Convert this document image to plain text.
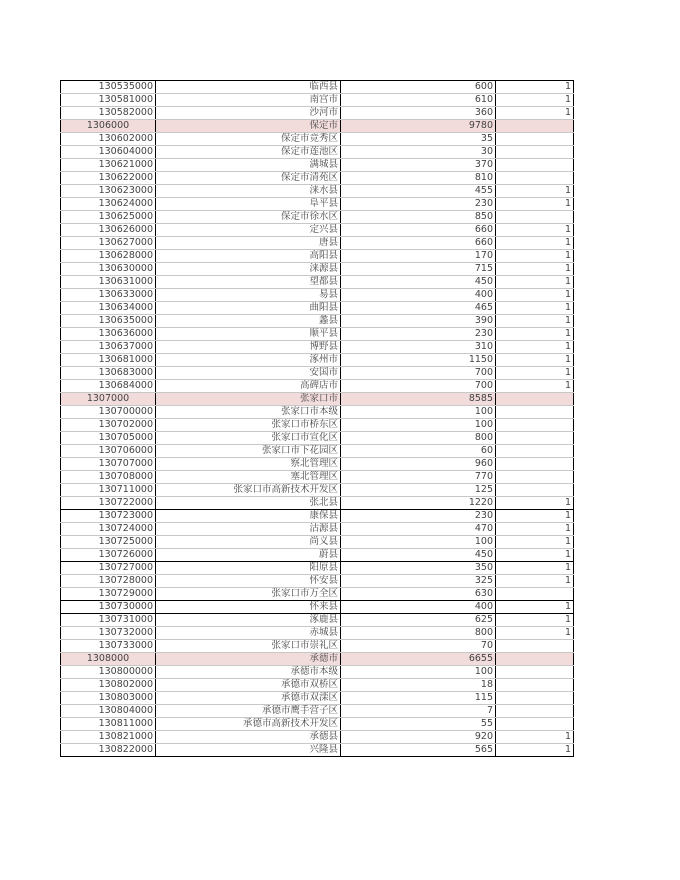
130535000	临西县	600	1
130581000	南宫市	610	1
130582000	沙河市	360	1
1306000	保定市	9780	
130602000	保定市竞秀区	35	
130604000	保定市莲池区	30	
130621000	满城县	370	
130622000	保定市清苑区	810	
130623000	涞水县	455	1
130624000	阜平县	230	1
130625000	保定市徐水区	850	
130626000	定兴县	660	1
130627000	唐县	660	1
130628000	高阳县	170	1
130630000	涞源县	715	1
130631000	望都县	450	1
130633000	易县	400	1
130634000	曲阳县	465	1
130635000	蠡县	390	1
130636000	顺平县	230	1
130637000	博野县	310	1
130681000	涿州市	1150	1
130683000	安国市	700	1
130684000	高碑店市	700	1
1307000	张家口市	8585	
130700000	张家口市本级	100	
130702000	张家口市桥东区	100	
130705000	张家口市宣化区	800	
130706000	张家口市下花园区	60	
130707000	察北管理区	960	
130708000	塞北管理区	770	
130711000	张家口市高新技术开发区	125	
130722000	张北县	1220	1
130723000	康保县	230	1
130724000	沽源县	470	1
130725000	尚义县	100	1
130726000	蔚县	450	1
130727000	阳原县	350	1
130728000	怀安县	325	1
130729000	张家口市万全区	630	
130730000	怀来县	400	1
130731000	涿鹿县	625	1
130732000	赤城县	800	1
130733000	张家口市崇礼区	70	
1308000	承德市	6655	
130800000	承德市本级	100	
130802000	承德市双桥区	18	
130803000	承德市双滦区	115	
130804000	承德市鹰手营子区	7	
130811000	承德市高新技术开发区	55	
130821000	承德县	920	1
130822000	兴隆县	565	1
